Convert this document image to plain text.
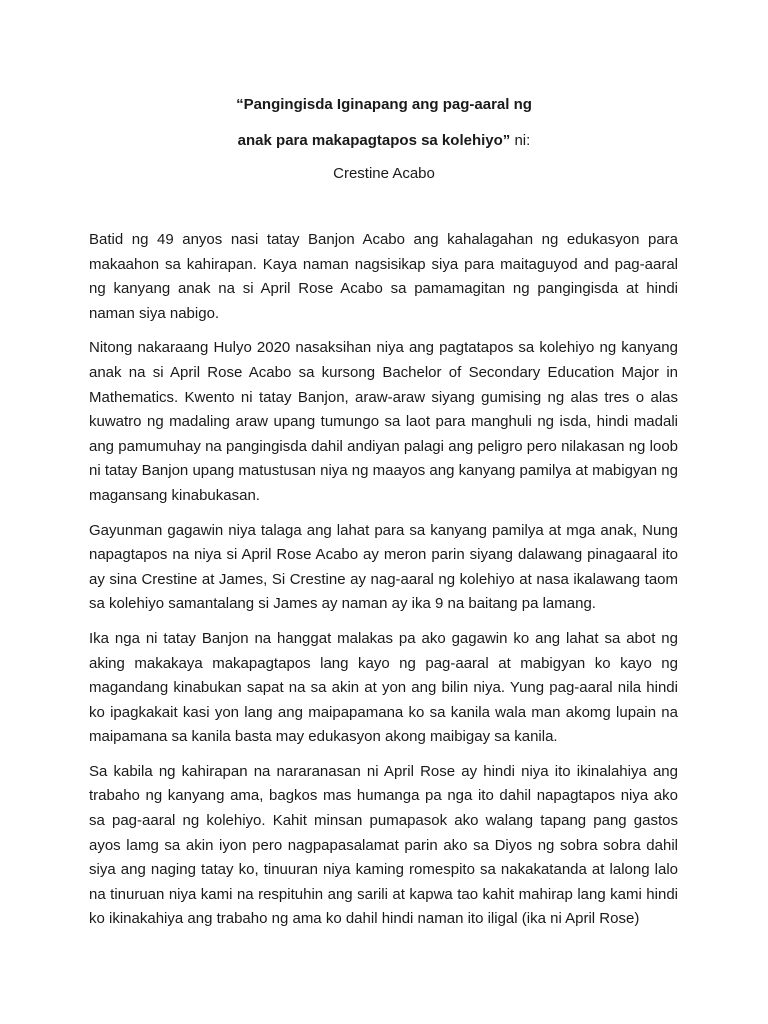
“Pangingisda Iginapang ang pag-aaral ng

anak para makapagtapos sa kolehiyo” ni:

Crestine Acabo

Batid ng 49 anyos nasi tatay Banjon Acabo ang kahalagahan ng edukasyon para makaahon sa kahirapan. Kaya naman nagsisikap siya para maitaguyod and pag-aaral ng kanyang anak na si April Rose Acabo sa pamamagitan ng pangingisda at hindi naman siya nabigo.

Nitong nakaraang Hulyo 2020 nasaksihan niya ang pagtatapos sa kolehiyo ng kanyang anak na si April Rose Acabo sa kursong Bachelor of Secondary Education Major in Mathematics. Kwento ni tatay Banjon, araw-araw siyang gumising ng alas tres o alas kuwatro ng madaling araw upang tumungo sa laot para manghuli ng isda, hindi madali ang pamumuhay na pangingisda dahil andiyan palagi ang peligro pero nilakasan ng loob ni tatay Banjon upang matustusan niya ng maayos ang kanyang pamilya at mabigyan ng magansang kinabukasan.

Gayunman gagawin niya talaga ang lahat para sa kanyang pamilya at mga anak, Nung napagtapos na niya si April Rose Acabo ay meron parin siyang dalawang pinagaaral ito ay sina Crestine at James, Si Crestine ay nag-aaral ng kolehiyo at nasa ikalawang taom sa kolehiyo samantalang si James ay naman ay ika 9 na baitang pa lamang.

Ika nga ni tatay Banjon na hanggat malakas pa ako gagawin ko ang lahat sa abot ng aking makakaya makapagtapos lang kayo ng pag-aaral at mabigyan ko kayo ng magandang kinabukan sapat na sa akin at yon ang bilin niya. Yung pag-aaral nila hindi ko ipagkakait kasi yon lang ang maipapamana ko sa kanila wala man akomg lupain na maipamana sa kanila basta may edukasyon akong maibigay sa kanila.

Sa kabila ng kahirapan na nararanasan ni April Rose ay hindi niya ito ikinalahiya ang trabaho ng kanyang ama, bagkos mas humanga pa nga ito dahil napagtapos niya ako sa pag-aaral ng kolehiyo. Kahit minsan pumapasok ako walang tapang pang gastos ayos lamg sa akin iyon pero nagpapasalamat parin ako sa Diyos ng sobra sobra dahil siya ang naging tatay ko, tinuuran niya kaming romespito sa nakakatanda at lalong lalo na tinuruan niya kami na respituhin ang sarili at kapwa tao kahit mahirap lang kami hindi ko ikinakahiya ang trabaho ng ama ko dahil hindi naman ito iligal (ika ni April Rose)
